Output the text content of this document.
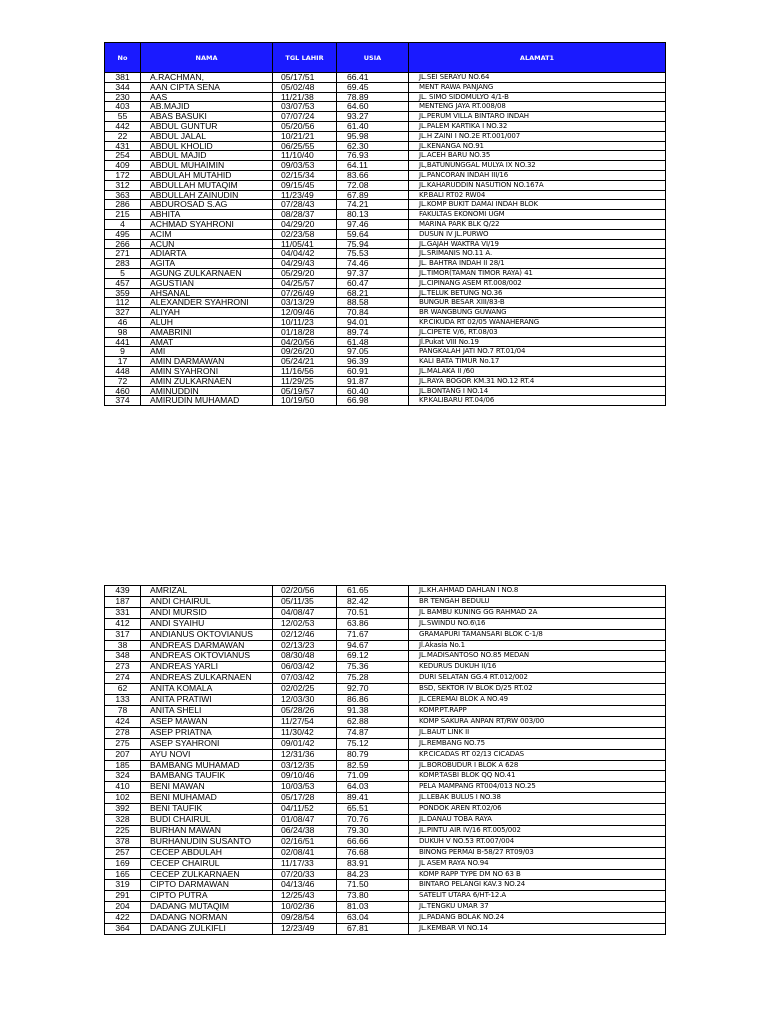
No	NAMA	TGL LAHIR	USIA	ALAMAT1
381	A.RACHMAN,	05/17/51	66.41	JL.SEI SERAYU NO.64
344	AAN CIPTA SENA	05/02/48	69.45	MENT RAWA PANJANG
230	AAS	11/21/38	78.89	JL. SIMO SIDOMULYO 4/1-B
403	AB.MAJID	03/07/53	64.60	MENTENG JAYA RT.008/08
55	ABAS BASUKI	07/07/24	93.27	JL.PERUM VILLA BINTARO INDAH
442	ABDUL GUNTUR	05/20/56	61.40	JL.PALEM KARTIKA I NO.32
22	ABDUL JALAL	10/21/21	95.98	JL.H ZAINI I NO.2E RT.001/007
431	ABDUL KHOLID	06/25/55	62.30	JL.KENANGA NO.91
254	ABDUL MAJID	11/10/40	76.93	JL.ACEH BARU NO.35
409	ABDUL MUHAIMIN	09/03/53	64.11	JL,BATUNUNGGAL MULYA IX NO.32
172	ABDULAH MUTAHID	02/15/34	83.66	JL.PANCORAN INDAH III/16
312	ABDULLAH MUTAQIM	09/15/45	72.08	JL.KAHARUDDIN NASUTION NO.167A
363	ABDULLAH ZAINUDIN	11/23/49	67.89	KP.BALI RT02 RW04
286	ABDUROSAD S.AG	07/28/43	74.21	JL.KOMP BUKIT DAMAI INDAH BLOK
215	ABHITA	08/28/37	80.13	FAKULTAS EKONOMI UGM
4	ACHMAD SYAHRONI	04/29/20	97.46	MARINA PARK BLK Q/22
495	ACIM	02/23/58	59.64	DUSUN IV JL.PURWO
266	ACUN	11/05/41	75.94	JL.GAJAH WAKTRA VI/19
271	ADIARTA	04/04/42	75.53	JL.SRIMANIS NO.11 A.
283	AGITA	04/29/43	74.46	JL. BAHTRA INDAH II 28/1
5	AGUNG ZULKARNAEN	05/29/20	97.37	JL.TIMOR(TAMAN TIMOR RAYA) 41
457	AGUSTIAN	04/25/57	60.47	JL.CIPINANG ASEM RT.008/002
359	AHSANAL	07/26/49	68.21	JL.TELUK BETUNG NO.36
112	ALEXANDER SYAHRONI	03/13/29	88.58	BUNGUR BESAR XIII/83-B
327	ALIYAH	12/09/46	70.84	BR WANGBUNG GUWANG
46	ALUH	10/11/23	94.01	KP.CIKUDA RT 02/05 WANAHERANG
98	AMABRINI	01/18/28	89.74	JL.CIPETE V/6, RT.08/03
441	AMAT	04/20/56	61.48	Jl.Pukat VIII No.19
9	AMI	09/26/20	97.05	PANGKALAH JATI NO.7 RT.01/04
17	AMIN DARMAWAN	05/24/21	96.39	KALI BATA TIMUR No.17
448	AMIN SYAHRONI	11/16/56	60.91	JL.MALAKA II /60
72	AMIN ZULKARNAEN	11/29/25	91.87	JL.RAYA BOGOR KM.31 NO.12 RT.4
460	AMINUDDIN	05/19/57	60.40	JL.BONTANG I NO.14
374	AMIRUDIN MUHAMAD	10/19/50	66.98	KP.KALIBARU RT.04/06
439	AMRIZAL	02/20/56	61.65	JL.KH.AHMAD DAHLAN I NO.8
187	ANDI CHAIRUL	05/11/35	82.42	BR TENGAH BEDULU
331	ANDI MURSID	04/08/47	70.51	JL BAMBU KUNING GG RAHMAD 2A
412	ANDI SYAIHU	12/02/53	63.86	JL.SWINDU NO.6\16
317	ANDIANUS OKTOVIANUS	02/12/46	71.67	GRAMAPURI TAMANSARI BLOK C-1/8
38	ANDREAS DARMAWAN	02/13/23	94.67	Jl.Akasia No.1
348	ANDREAS OKTOVIANUS	08/30/48	69.12	JL.MADISANTOSO NO.85 MEDAN
273	ANDREAS YARLI	06/03/42	75.36	KEDURUS DUKUH II/16
274	ANDREAS ZULKARNAEN	07/03/42	75.28	DURI SELATAN GG.4 RT.012/002
62	ANITA KOMALA	02/02/25	92.70	BSD, SEKTOR IV BLOK D/25 RT.02
133	ANITA PRATIWI	12/03/30	86.86	JL.CEREMAI BLOK A NO.49
78	ANITA SHELI	05/28/26	91.38	KOMP.PT.RAPP
424	ASEP MAWAN	11/27/54	62.88	KOMP SAKURA ANPAN RT/RW 003/00
278	ASEP PRIATNA	11/30/42	74.87	JL.BAUT LINK II
275	ASEP SYAHRONI	09/01/42	75.12	JL.REMBANG NO.75
207	AYU NOVI	12/31/36	80.79	KP.CICADAS RT 02/13 CICADAS
185	BAMBANG MUHAMAD	03/12/35	82.59	JL.BOROBUDUR I BLOK A 628
324	BAMBANG TAUFIK	09/10/46	71.09	KOMP.TASBI BLOK QQ NO.41
410	BENI MAWAN	10/03/53	64.03	PELA MAMPANG RT004/013 NO.25
102	BENI MUHAMAD	05/17/28	89.41	JL.LEBAK BULUS I NO.38
392	BENI TAUFIK	04/11/52	65.51	PONDOK AREN RT.02/06
328	BUDI CHAIRUL	01/08/47	70.76	JL.DANAU TOBA RAYA
225	BURHAN MAWAN	06/24/38	79.30	JL.PINTU AIR IV/16 RT.005/002
378	BURHANUDIN SUSANTO	02/16/51	66.66	DUKUH V NO.53 RT.007/004
257	CECEP ABDULAH	02/08/41	76.68	BINONG PERMAI B-58/27 RT09/03
169	CECEP CHAIRUL	11/17/33	83.91	JL ASEM RAYA NO.94
165	CECEP ZULKARNAEN	07/20/33	84.23	KOMP RAPP TYPE DM NO 63 B
319	CIPTO DARMAWAN	04/13/46	71.50	BINTARO PELANGI KAV.3 NO.24
291	CIPTO PUTRA	12/25/43	73.80	SATELIT UTARA 6/HT-12.A
204	DADANG MUTAQIM	10/02/36	81.03	JL.TENGKU UMAR 37
422	DADANG NORMAN	09/28/54	63.04	JL.PADANG BOLAK NO.24
364	DADANG ZULKIFLI	12/23/49	67.81	JL.KEMBAR VI NO.14
